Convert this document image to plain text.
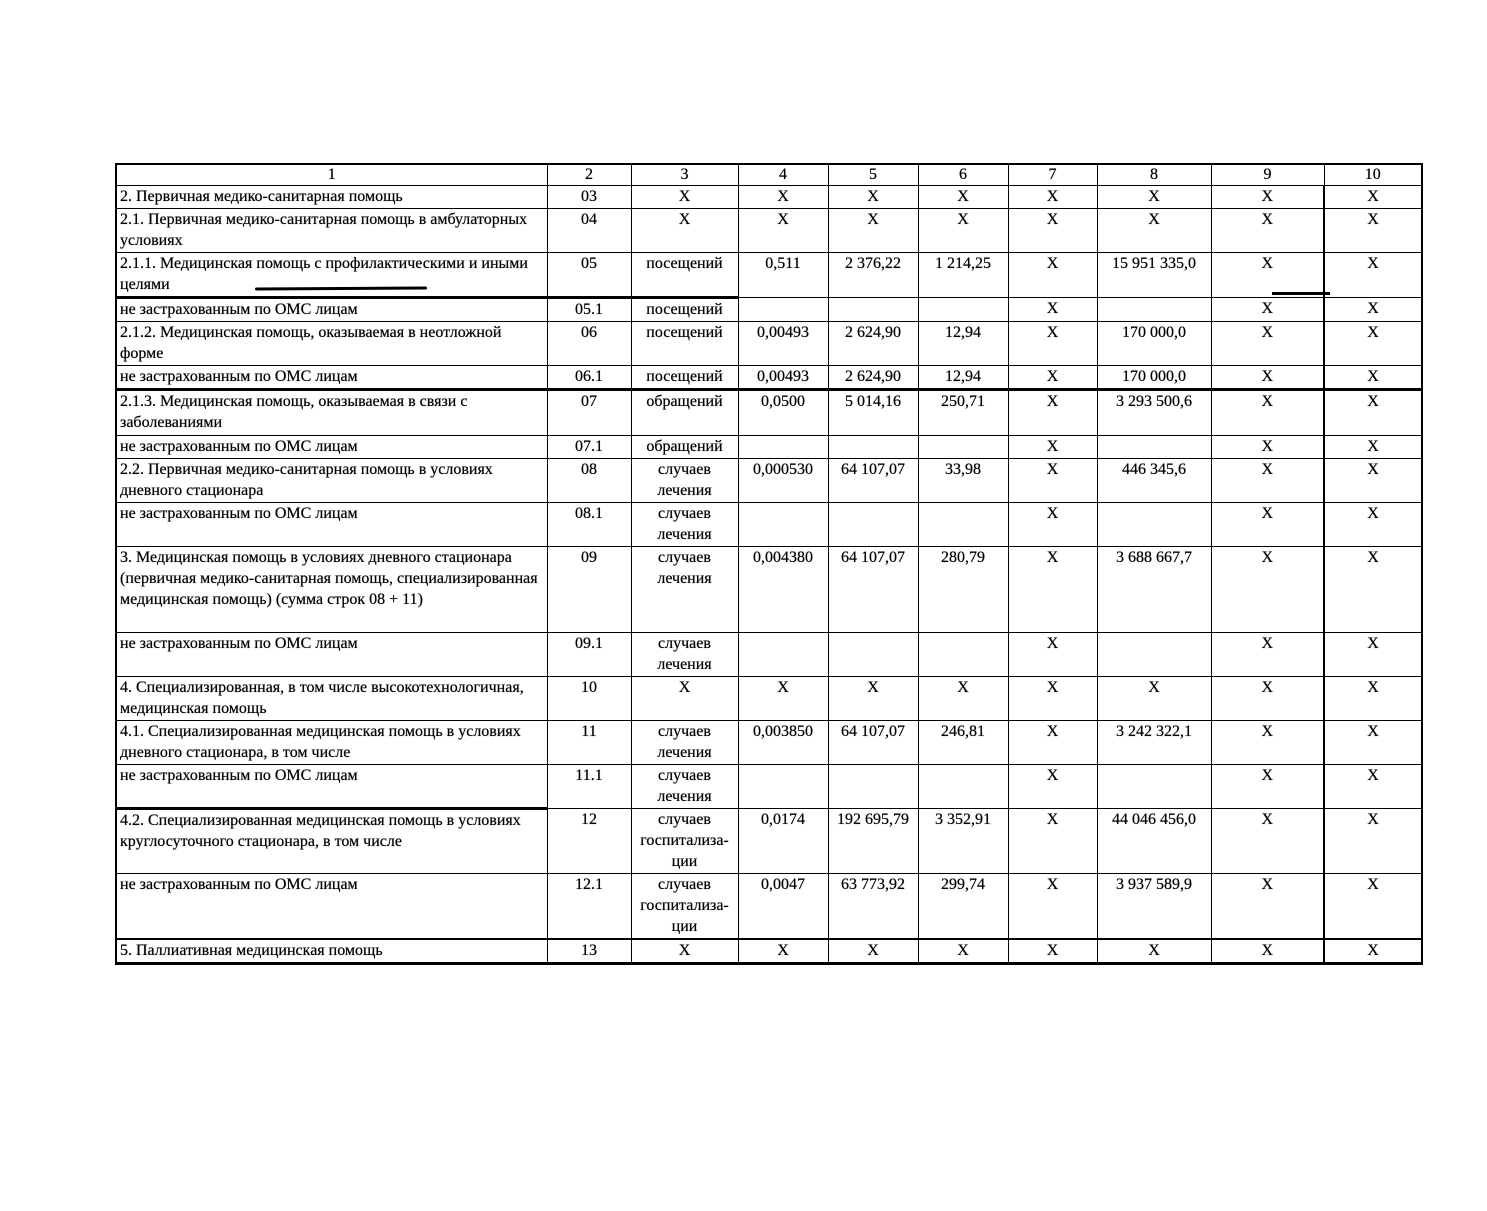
1	2	3	4	5	6	7	8	9	10
2. Первичная медико-санитарная помощь	03	X	X	X	X	X	X	X	X
2.1. Первичная медико-санитарная помощь в амбулаторных условиях	04	X	X	X	X	X	X	X	X
2.1.1. Медицинская помощь с профилактическими и иными целями	05	посещений	0,511	2 376,22	1 214,25	X	15 951 335,0	X	X
не застрахованным по ОМС лицам	05.1	посещений				X		X	X
2.1.2. Медицинская помощь, оказываемая в неотложной форме	06	посещений	0,00493	2 624,90	12,94	X	170 000,0	X	X
не застрахованным по ОМС лицам	06.1	посещений	0,00493	2 624,90	12,94	X	170 000,0	X	X
2.1.3. Медицинская помощь, оказываемая в связи с заболеваниями	07	обращений	0,0500	5 014,16	250,71	X	3 293 500,6	X	X
не застрахованным по ОМС лицам	07.1	обращений				X		X	X
2.2. Первичная медико-санитарная помощь в условиях дневного стационара	08	случаев лечения	0,000530	64 107,07	33,98	X	446 345,6	X	X
не застрахованным по ОМС лицам	08.1	случаев лечения				X		X	X
3. Медицинская помощь в условиях дневного стационара (первичная медико-санитарная помощь, специализированная медицинская помощь) (сумма строк 08 + 11)	09	случаев лечения	0,004380	64 107,07	280,79	X	3 688 667,7	X	X
не застрахованным по ОМС лицам	09.1	случаев лечения				X		X	X
4. Специализированная, в том числе высокотехнологичная, медицинская помощь	10	X	X	X	X	X	X	X	X
4.1. Специализированная медицинская помощь в условиях дневного стационара, в том числе	11	случаев лечения	0,003850	64 107,07	246,81	X	3 242 322,1	X	X
не застрахованным по ОМС лицам	11.1	случаев лечения				X		X	X
4.2. Специализированная медицинская помощь в условиях круглосуточного стационара, в том числе	12	случаев госпитализа-ции	0,0174	192 695,79	3 352,91	X	44 046 456,0	X	X
не застрахованным по ОМС лицам	12.1	случаев госпитализа-ции	0,0047	63 773,92	299,74	X	3 937 589,9	X	X
5. Паллиативная медицинская помощь	13	X	X	X	X	X	X	X	X
